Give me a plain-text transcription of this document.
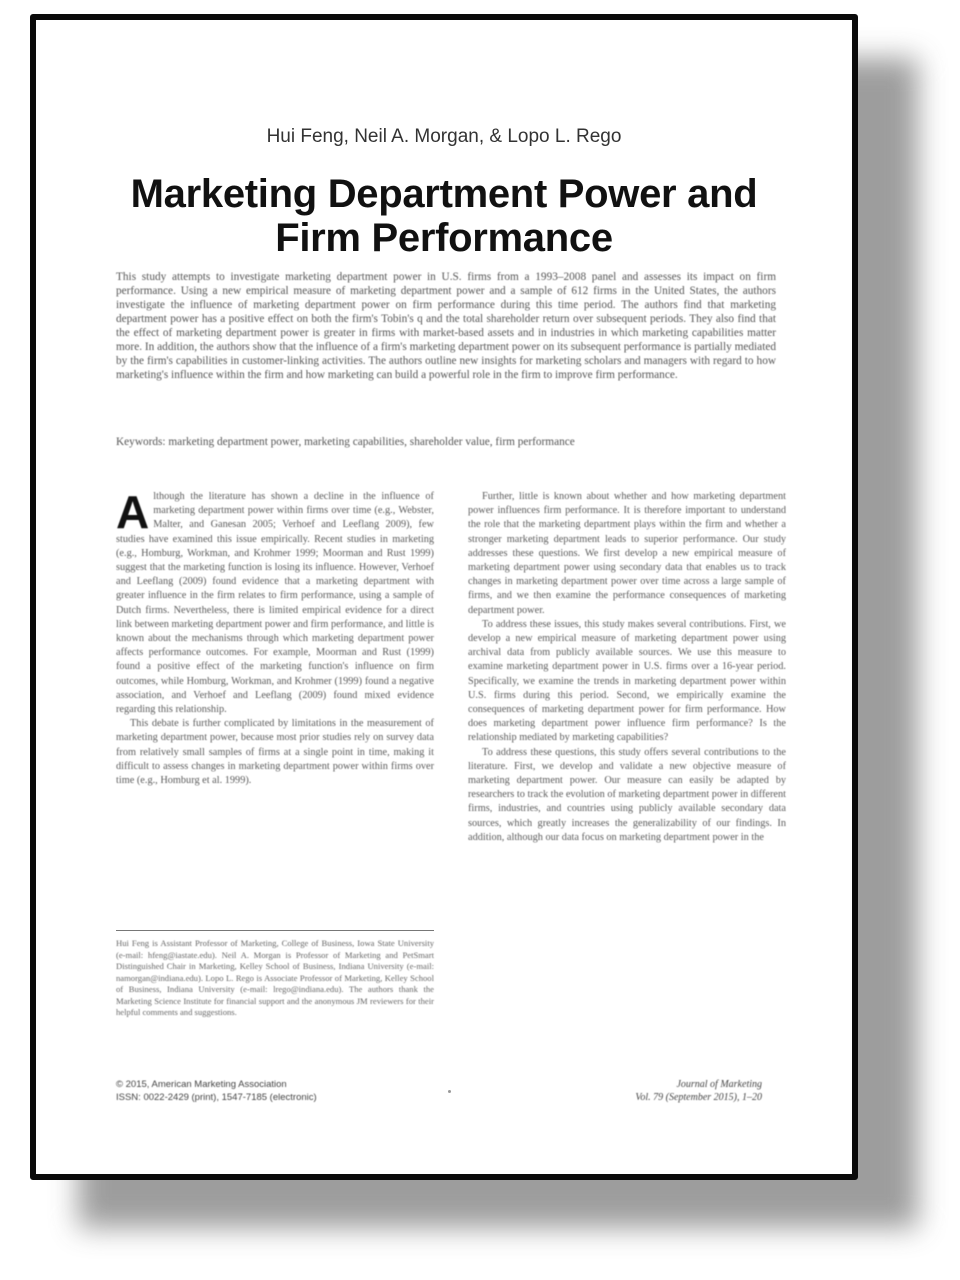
Hui Feng, Neil A. Morgan, & Lopo L. Rego
Marketing Department Power and
Firm Performance
This study attempts to investigate marketing department power in U.S. firms from a 1993–2008 panel and assesses its impact on firm performance. Using a new empirical measure of marketing department power and a sample of 612 firms in the United States, the authors investigate the influence of marketing department power on firm performance during this time period. The authors find that marketing department power has a positive effect on both the firm's Tobin's q and the total shareholder return over subsequent periods. They also find that the effect of marketing department power is greater in firms with market-based assets and in industries in which marketing capabilities matter more. In addition, the authors show that the influence of a firm's marketing department power on its subsequent performance is partially mediated by the firm's capabilities in customer-linking activities. The authors outline new insights for marketing scholars and managers with regard to how marketing's influence within the firm and how marketing can build a powerful role in the firm to improve firm performance.
Keywords: marketing department power, marketing capabilities, shareholder value, firm performance

Although the literature has shown a decline in the influence of marketing department power within firms over time (e.g., Webster, Malter, and Ganesan 2005; Verhoef and Leeflang 2009), few studies have examined this issue empirically. Recent studies in marketing (e.g., Homburg, Workman, and Krohmer 1999; Moorman and Rust 1999) suggest that the marketing function is losing its influence. However, Verhoef and Leeflang (2009) found evidence that a marketing department with greater influence in the firm relates to firm performance, using a sample of Dutch firms. Nevertheless, there is limited empirical evidence for a direct link between marketing department power and firm performance, and little is known about the mechanisms through which marketing department power affects performance outcomes. For example, Moorman and Rust (1999) found a positive effect of the marketing function's influence on firm outcomes, while Homburg, Workman, and Krohmer (1999) found a negative association, and Verhoef and Leeflang (2009) found mixed evidence regarding this relationship.

This debate is further complicated by limitations in the measurement of marketing department power, because most prior studies rely on survey data from relatively small samples of firms at a single point in time, making it difficult to assess changes in marketing department power within firms over time (e.g., Homburg et al. 1999).

Further, little is known about whether and how marketing department power influences firm performance. It is therefore important to understand the role that the marketing department plays within the firm and whether a stronger marketing department leads to superior performance. Our study addresses these questions. We first develop a new empirical measure of marketing department power using secondary data that enables us to track changes in marketing department power over time across a large sample of firms, and we then examine the performance consequences of marketing department power.

To address these issues, this study makes several contributions. First, we develop a new empirical measure of marketing department power using archival data from publicly available sources. We use this measure to examine marketing department power in U.S. firms over a 16-year period. Specifically, we examine the trends in marketing department power within U.S. firms during this period. Second, we empirically examine the consequences of marketing department power for firm performance. How does marketing department power influence firm performance? Is the relationship mediated by marketing capabilities?

To address these questions, this study offers several contributions to the literature. First, we develop and validate a new objective measure of marketing department power. Our measure can easily be adapted by researchers to track the evolution of marketing department power in different firms, industries, and countries using publicly available secondary data sources, which greatly increases the generalizability of our findings. In addition, although our data focus on marketing department power in the

Hui Feng is Assistant Professor of Marketing, College of Business, Iowa State University (e-mail: hfeng@iastate.edu). Neil A. Morgan is Professor of Marketing and PetSmart Distinguished Chair in Marketing, Kelley School of Business, Indiana University (e-mail: namorgan@indiana.edu). Lopo L. Rego is Associate Professor of Marketing, Kelley School of Business, Indiana University (e-mail: lrego@indiana.edu). The authors thank the Marketing Science Institute for financial support and the anonymous JM reviewers for their helpful comments and suggestions.
© 2015, American Marketing Association
ISSN: 0022-2429 (print), 1547-7185 (electronic)
Journal of Marketing
Vol. 79 (September 2015), 1–20
